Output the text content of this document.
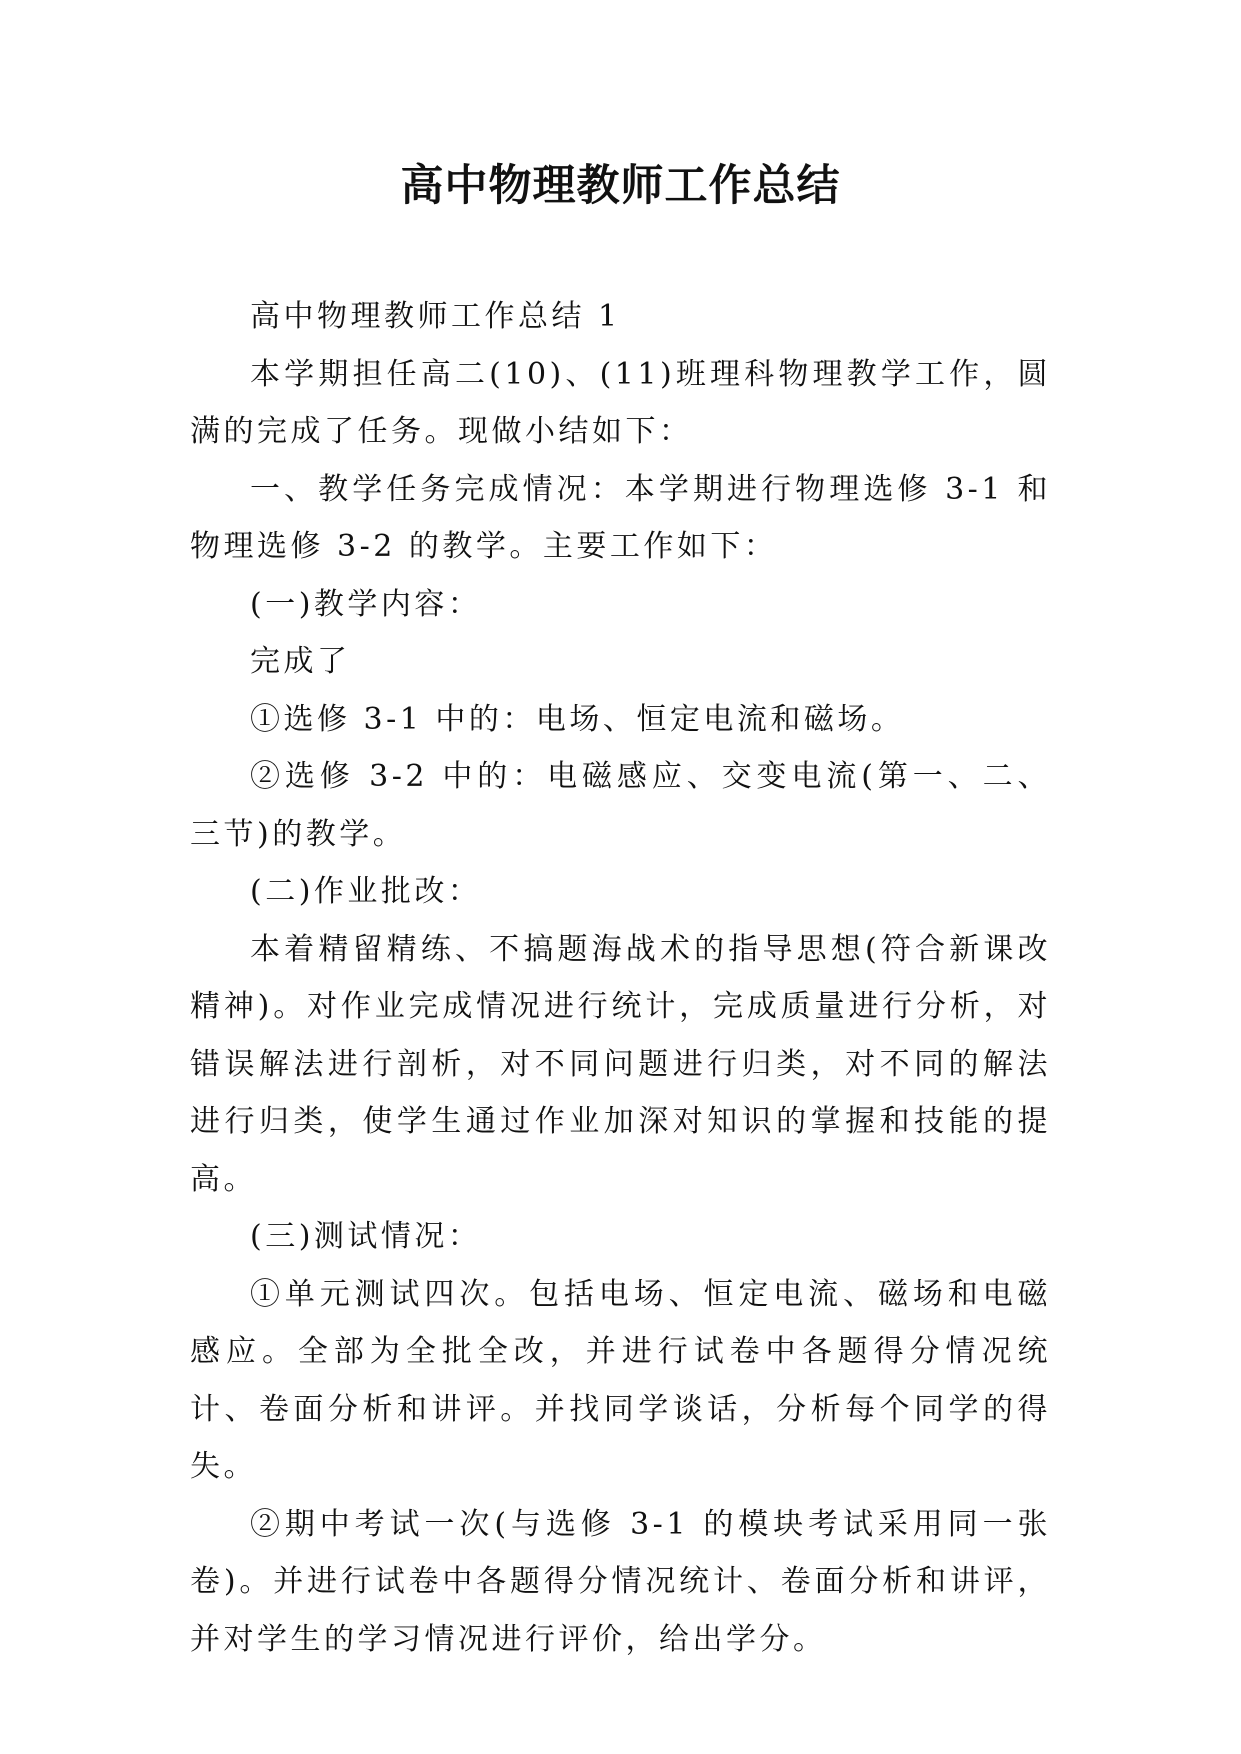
高中物理教师工作总结

高中物理教师工作总结 1

本学期担任高二(10)、(11)班理科物理教学工作，圆满的完成了任务。现做小结如下：

一、教学任务完成情况：本学期进行物理选修 3-1 和物理选修 3-2 的教学。主要工作如下：

(一)教学内容：

完成了

①选修 3-1 中的：电场、恒定电流和磁场。

②选修 3-2 中的：电磁感应、交变电流(第一、二、三节)的教学。

(二)作业批改：

本着精留精练、不搞题海战术的指导思想(符合新课改精神)。对作业完成情况进行统计，完成质量进行分析，对错误解法进行剖析，对不同问题进行归类，对不同的解法进行归类，使学生通过作业加深对知识的掌握和技能的提高。

(三)测试情况：

①单元测试四次。包括电场、恒定电流、磁场和电磁感应。全部为全批全改，并进行试卷中各题得分情况统计、卷面分析和讲评。并找同学谈话，分析每个同学的得失。

②期中考试一次(与选修 3-1 的模块考试采用同一张卷)。并进行试卷中各题得分情况统计、卷面分析和讲评，并对学生的学习情况进行评价，给出学分。
